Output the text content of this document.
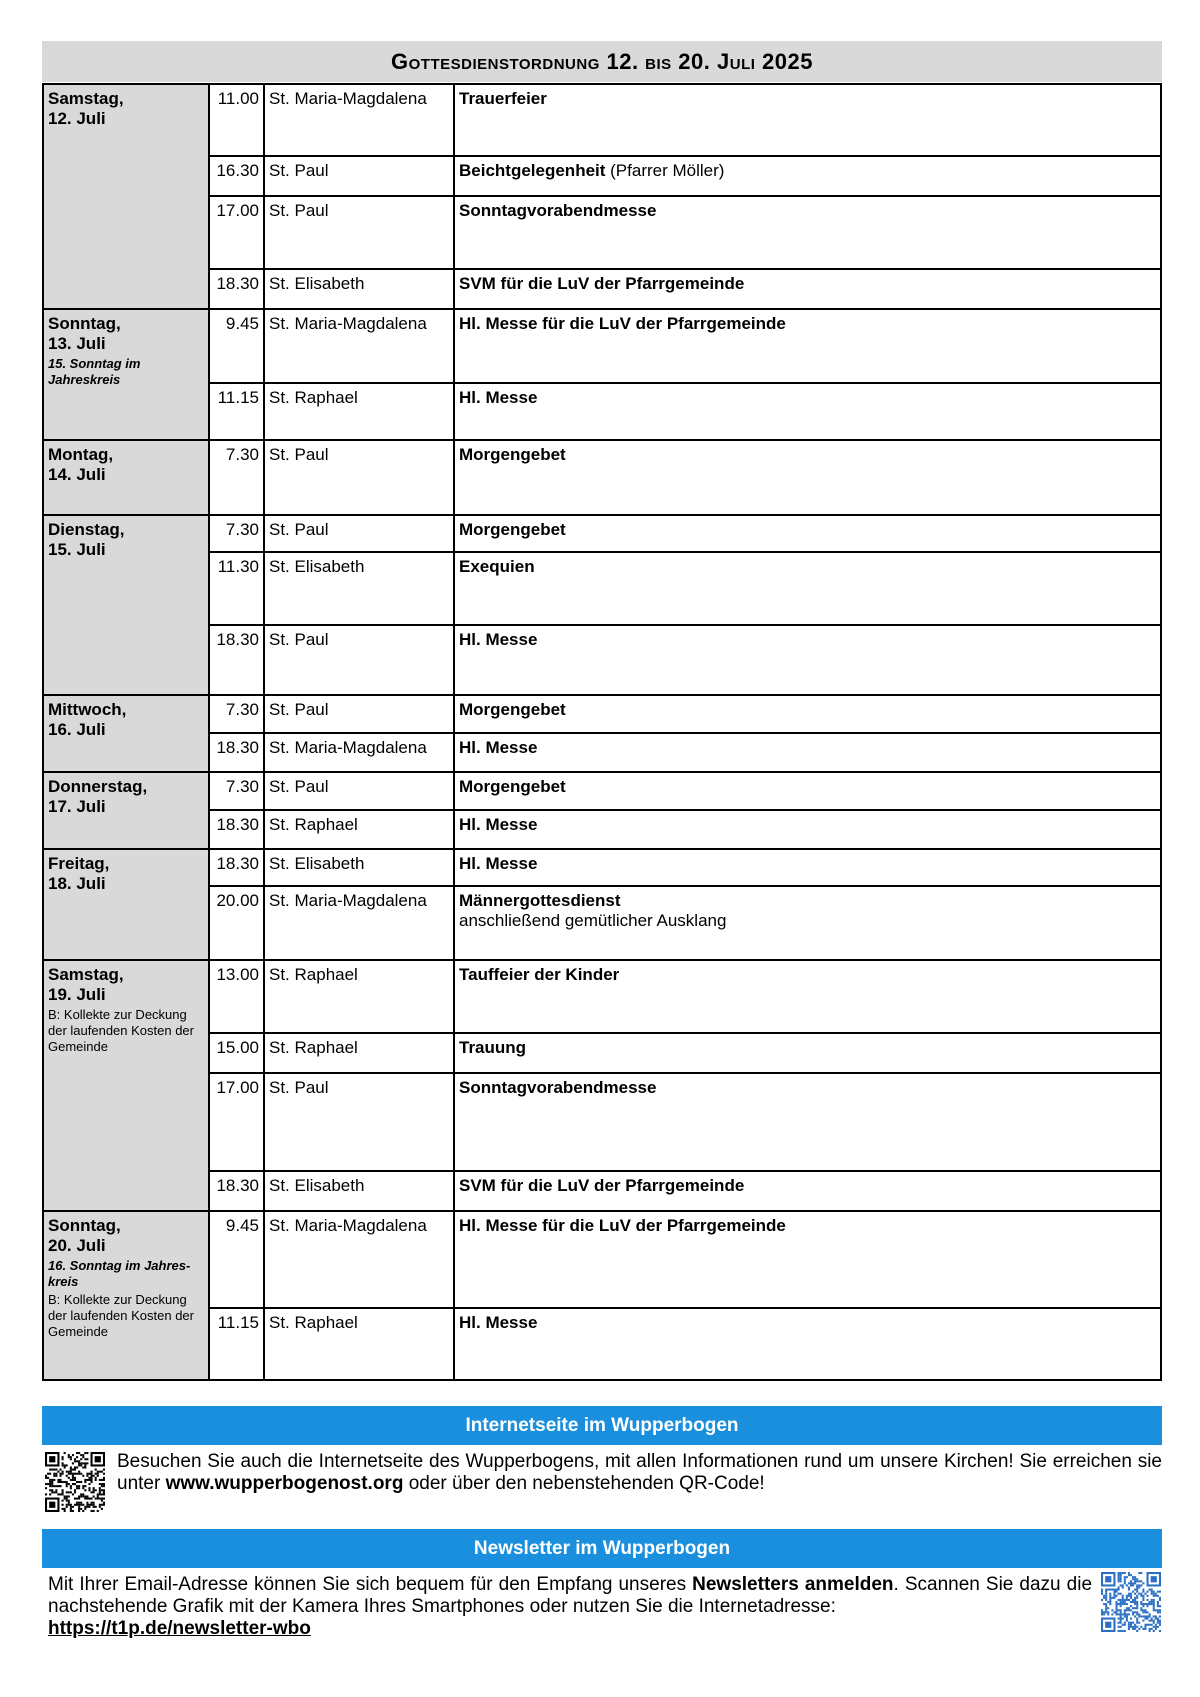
Gottesdienstordnung 12. bis 20. Juli 2025
Samstag,
12. Juli	11.00	St. Maria-Magdalena	Trauerfeier
	16.30	St. Paul	Beichtgelegenheit (Pfarrer Möller)
	17.00	St. Paul	Sonntagvorabendmesse
	18.30	St. Elisabeth	SVM für die LuV der Pfarrgemeinde
Sonntag,
13. Juli
15. Sonntag im Jahreskreis	9.45	St. Maria-Magdalena	Hl. Messe für die LuV der Pfarrgemeinde
	11.15	St. Raphael	Hl. Messe
Montag,
14. Juli	7.30	St. Paul	Morgengebet
Dienstag,
15. Juli	7.30	St. Paul	Morgengebet
	11.30	St. Elisabeth	Exequien
	18.30	St. Paul	Hl. Messe
Mittwoch,
16. Juli	7.30	St. Paul	Morgengebet
	18.30	St. Maria-Magdalena	Hl. Messe
Donnerstag,
17. Juli	7.30	St. Paul	Morgengebet
	18.30	St. Raphael	Hl. Messe
Freitag,
18. Juli	18.30	St. Elisabeth	Hl. Messe
	20.00	St. Maria-Magdalena	Männergottesdienst
anschließend gemütlicher Ausklang
Samstag,
19. Juli
B: Kollekte zur Deckung der laufenden Kosten der Gemeinde	13.00	St. Raphael	Tauffeier der Kinder
	15.00	St. Raphael	Trauung
	17.00	St. Paul	Sonntagvorabendmesse
	18.30	St. Elisabeth	SVM für die LuV der Pfarrgemeinde
Sonntag,
20. Juli
16. Sonntag im Jahres-kreis
B: Kollekte zur Deckung der laufenden Kosten der Gemeinde	9.45	St. Maria-Magdalena	Hl. Messe für die LuV der Pfarrgemeinde
	11.15	St. Raphael	Hl. Messe
Internetseite im Wupperbogen
Besuchen Sie auch die Internetseite des Wupperbogens, mit allen Informationen rund um unsere Kirchen! Sie erreichen sie unter www.wupperbogenost.org oder über den nebenstehenden QR-Code!
Newsletter im Wupperbogen
Mit Ihrer Email-Adresse können Sie sich bequem für den Empfang unseres Newsletters anmelden. Scannen Sie dazu die nachstehende Grafik mit der Kamera Ihres Smartphones oder nutzen Sie die Internetadresse:
https://t1p.de/newsletter-wbo
